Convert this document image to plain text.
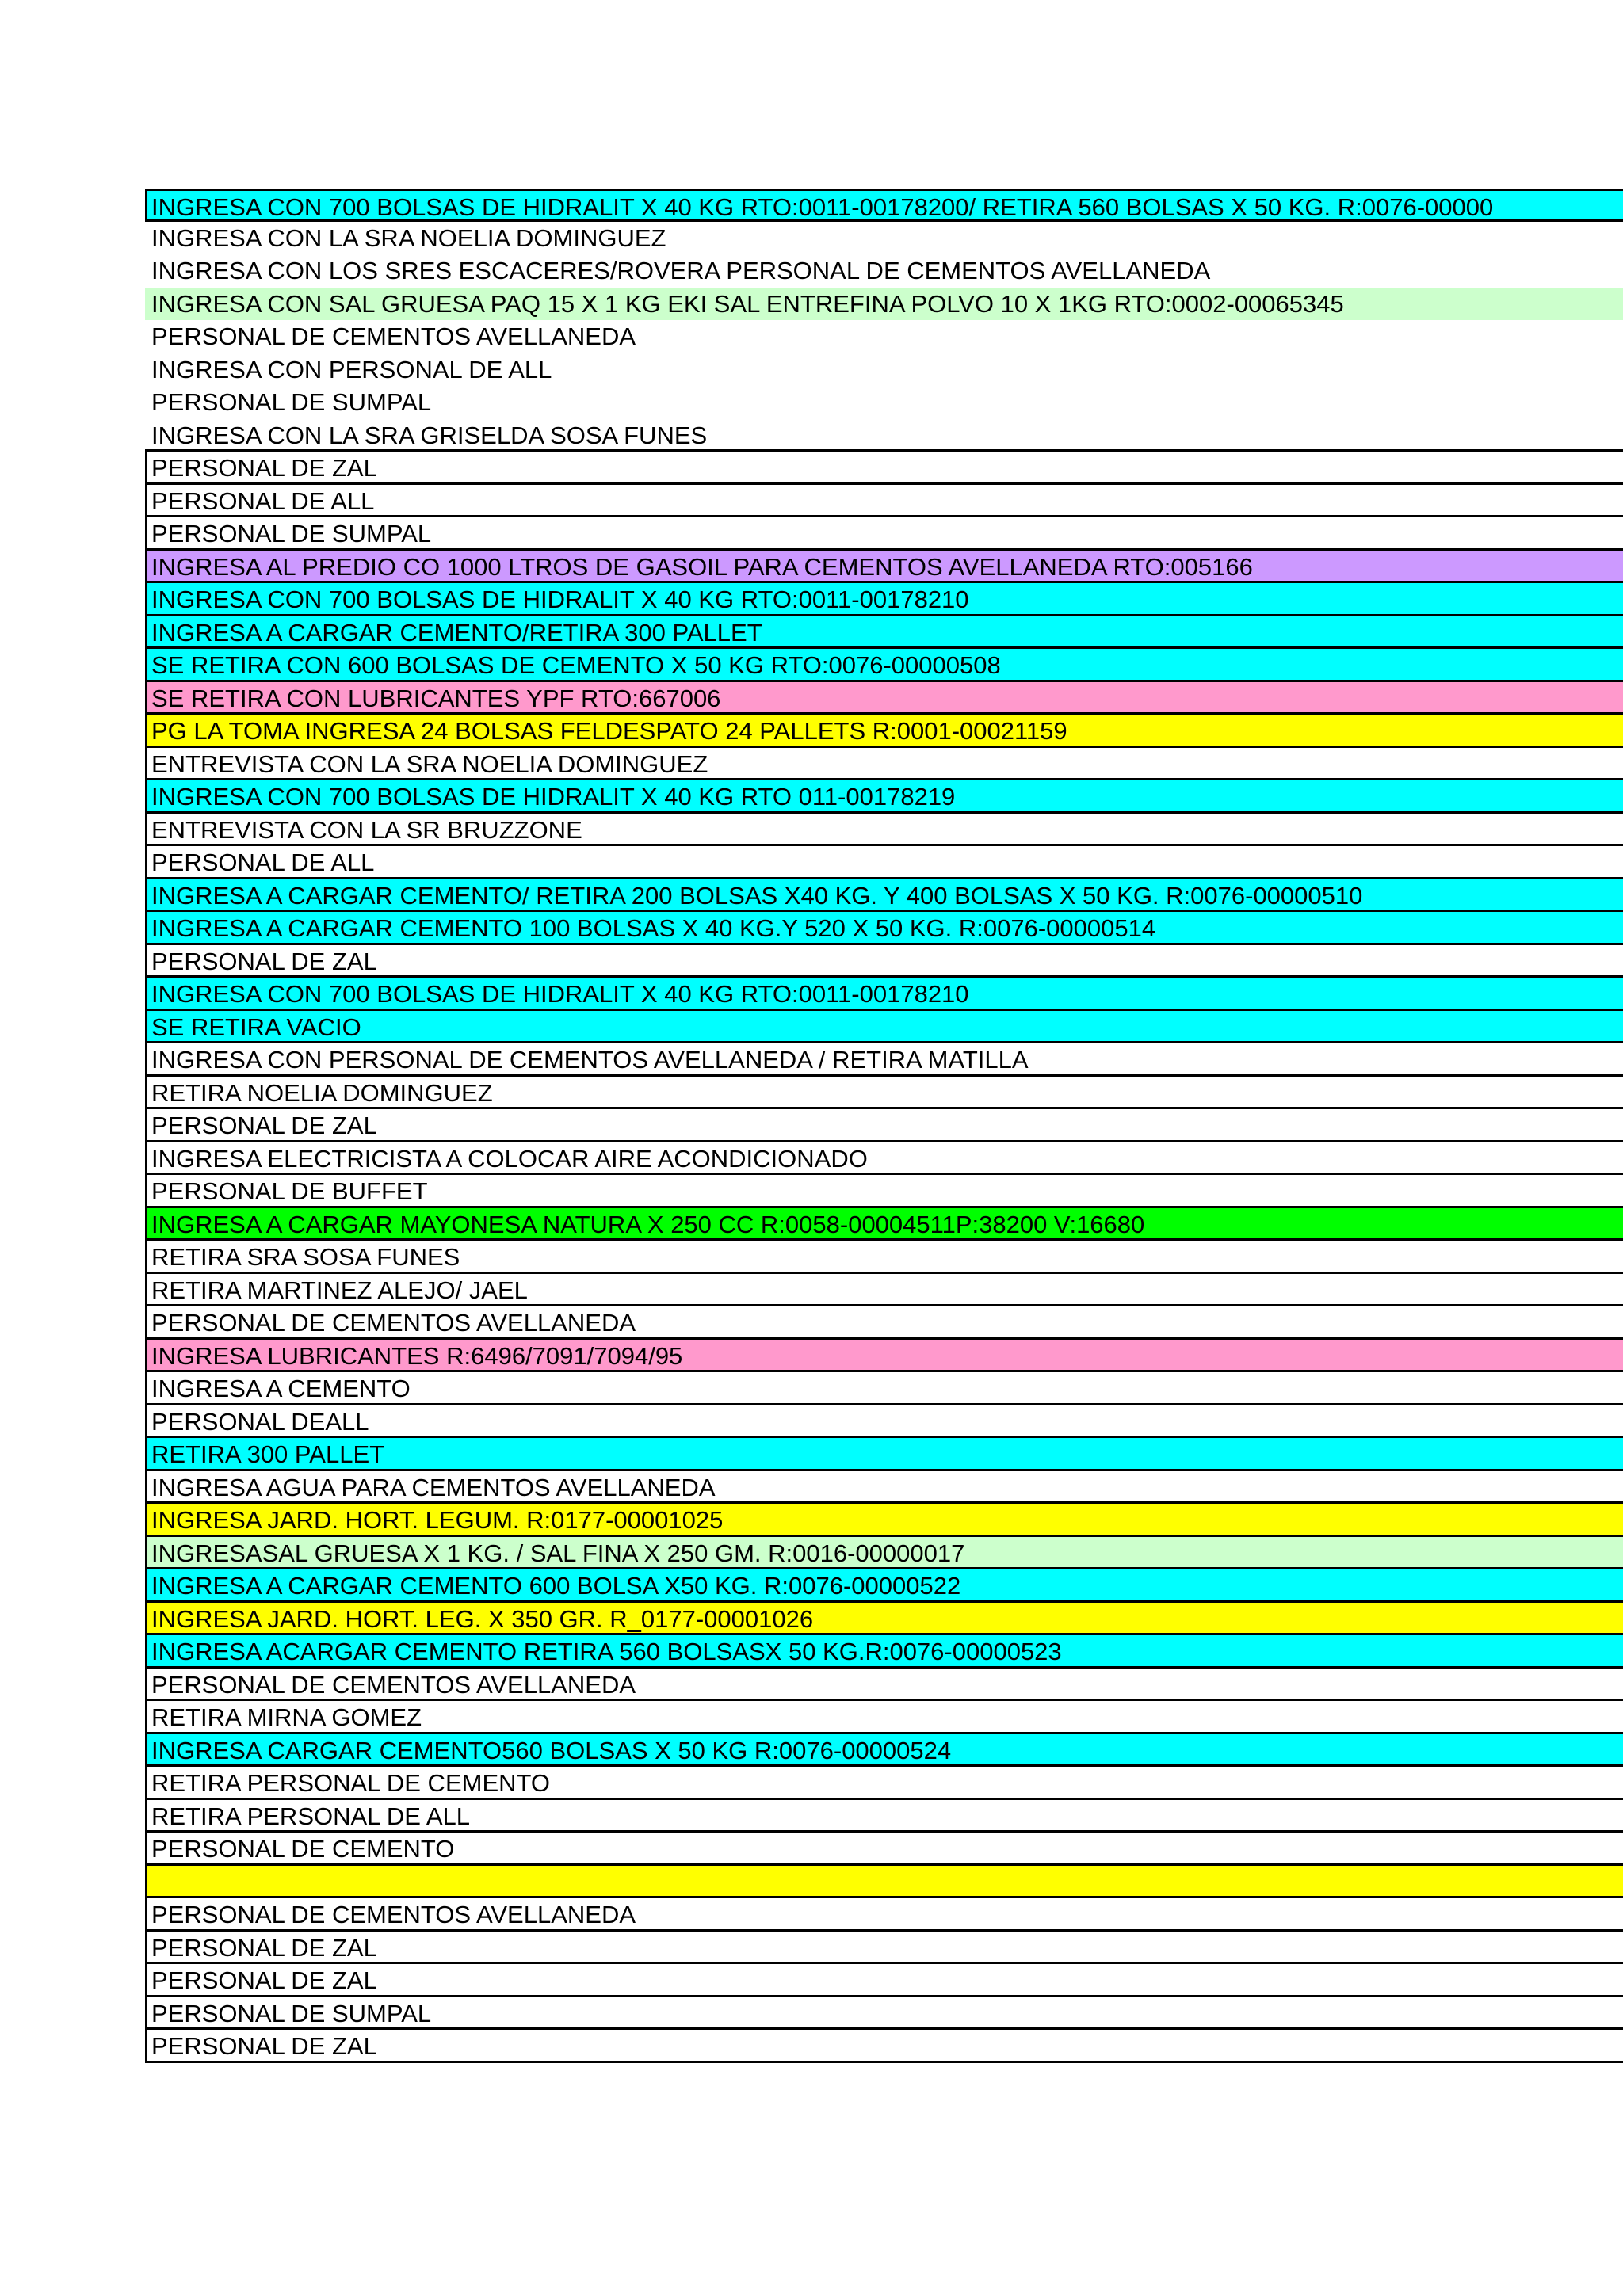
INGRESA CON 700 BOLSAS DE HIDRALIT X 40 KG RTO:0011-00178200/ RETIRA 560 BOLSAS X 50 KG. R:0076-00000
INGRESA CON LA SRA NOELIA DOMINGUEZ
INGRESA CON LOS SRES ESCACERES/ROVERA PERSONAL DE CEMENTOS AVELLANEDA
INGRESA CON SAL GRUESA PAQ 15 X 1 KG EKI SAL ENTREFINA POLVO 10 X 1KG RTO:0002-00065345
PERSONAL DE CEMENTOS AVELLANEDA
INGRESA CON PERSONAL DE ALL
PERSONAL DE SUMPAL
INGRESA CON LA SRA GRISELDA SOSA FUNES
PERSONAL DE ZAL
PERSONAL DE ALL
PERSONAL DE SUMPAL
INGRESA AL PREDIO CO 1000 LTROS DE GASOIL PARA CEMENTOS AVELLANEDA RTO:005166
INGRESA CON 700 BOLSAS DE HIDRALIT X 40 KG RTO:0011-00178210
INGRESA A CARGAR CEMENTO/RETIRA 300 PALLET
SE RETIRA CON 600 BOLSAS DE CEMENTO X 50 KG RTO:0076-00000508
SE RETIRA CON LUBRICANTES YPF RTO:667006
PG LA TOMA INGRESA 24 BOLSAS FELDESPATO 24 PALLETS R:0001-00021159
ENTREVISTA CON LA SRA NOELIA DOMINGUEZ
INGRESA CON 700 BOLSAS DE HIDRALIT X 40 KG RTO 011-00178219
ENTREVISTA CON LA SR BRUZZONE
PERSONAL DE ALL
INGRESA A CARGAR CEMENTO/ RETIRA 200 BOLSAS X40 KG. Y 400 BOLSAS X 50 KG. R:0076-00000510
INGRESA A CARGAR CEMENTO 100 BOLSAS X 40 KG.Y 520 X 50 KG. R:0076-00000514
PERSONAL DE ZAL
INGRESA CON 700 BOLSAS DE HIDRALIT X 40 KG RTO:0011-00178210
SE RETIRA VACIO
INGRESA CON PERSONAL DE CEMENTOS AVELLANEDA / RETIRA MATILLA
RETIRA NOELIA DOMINGUEZ
PERSONAL DE ZAL
INGRESA ELECTRICISTA A COLOCAR AIRE ACONDICIONADO
PERSONAL DE BUFFET
INGRESA A CARGAR MAYONESA NATURA X 250 CC R:0058-00004511P:38200 V:16680
RETIRA SRA SOSA FUNES
RETIRA MARTINEZ ALEJO/ JAEL
PERSONAL DE CEMENTOS AVELLANEDA
INGRESA LUBRICANTES R:6496/7091/7094/95
INGRESA A CEMENTO
PERSONAL DEALL
RETIRA 300 PALLET
INGRESA AGUA PARA CEMENTOS AVELLANEDA
INGRESA JARD. HORT. LEGUM. R:0177-00001025
INGRESASAL GRUESA X 1 KG. / SAL FINA X 250 GM. R:0016-00000017
INGRESA A CARGAR CEMENTO 600 BOLSA X50 KG. R:0076-00000522
INGRESA JARD. HORT. LEG. X 350 GR. R_0177-00001026
INGRESA ACARGAR CEMENTO RETIRA 560 BOLSASX 50 KG.R:0076-00000523
PERSONAL DE CEMENTOS AVELLANEDA
RETIRA MIRNA GOMEZ
INGRESA CARGAR CEMENTO560 BOLSAS X 50 KG R:0076-00000524
RETIRA PERSONAL DE CEMENTO
RETIRA PERSONAL DE ALL
PERSONAL DE CEMENTO
PERSONAL DE CEMENTOS AVELLANEDA
PERSONAL DE ZAL
PERSONAL DE ZAL
PERSONAL DE SUMPAL
PERSONAL DE ZAL
